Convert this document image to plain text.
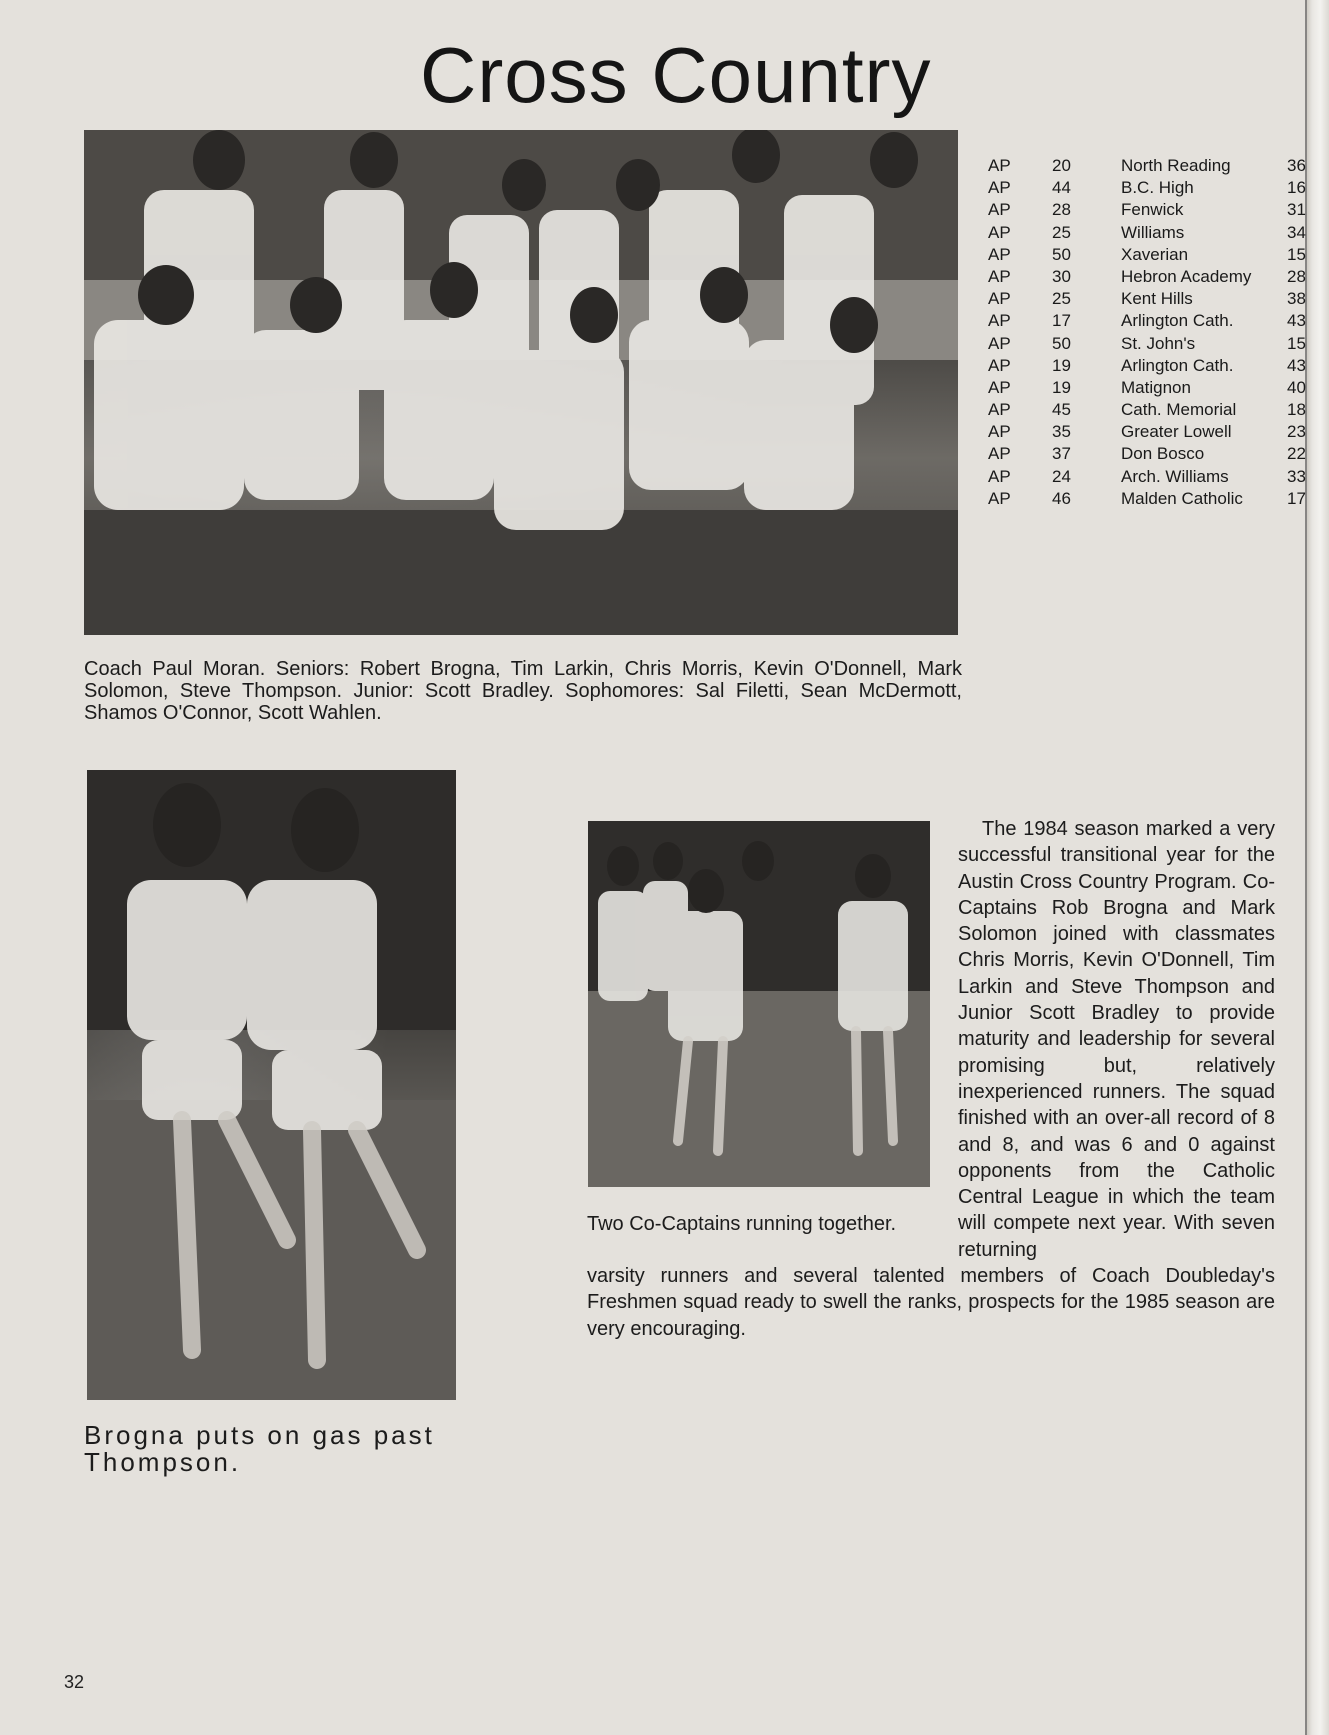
Cross Country

Coach Paul Moran. Seniors: Robert Brogna, Tim Larkin, Chris Morris, Kevin O'Donnell, Mark Solomon, Steve Thompson. Junior: Scott Bradley. Sophomores: Sal Filetti, Sean McDermott, Shamos O'Connor, Scott Wahlen.

AP 20	North Reading	36
AP 44	B.C. High	16
AP 28	Fenwick	31
AP 25	Williams	34
AP 50	Xaverian	15
AP 30	Hebron Academy 28
AP 25	Kent Hills	38
AP 17	Arlington Cath.	43
AP 50	St. John's	15
AP 19	Arlington Cath.	43
AP 19	Matignon	40
AP 45	Cath. Memorial	18
AP 35	Greater Lowell	23
AP 37	Don Bosco	22
AP 24	Arch. Williams	33
AP 46	Malden Catholic	17

Brogna puts on gas past Thompson.

Two Co-Captains running together.

The 1984 season marked a very successful transitional year for the Austin Cross Country Program. Co-Captains Rob Brogna and Mark Solomon joined with classmates Chris Morris, Kevin O'Donnell, Tim Larkin and Steve Thompson and Junior Scott Bradley to provide maturity and leadership for several promising but, relatively inexperienced runners. The squad finished with an over-all record of 8 and 8, and was 6 and 0 against opponents from the Catholic Central League in which the team will compete next year. With seven returning

varsity runners and several talented members of Coach Doubleday's Freshmen squad ready to swell the ranks, prospects for the 1985 season are very encouraging.

32
